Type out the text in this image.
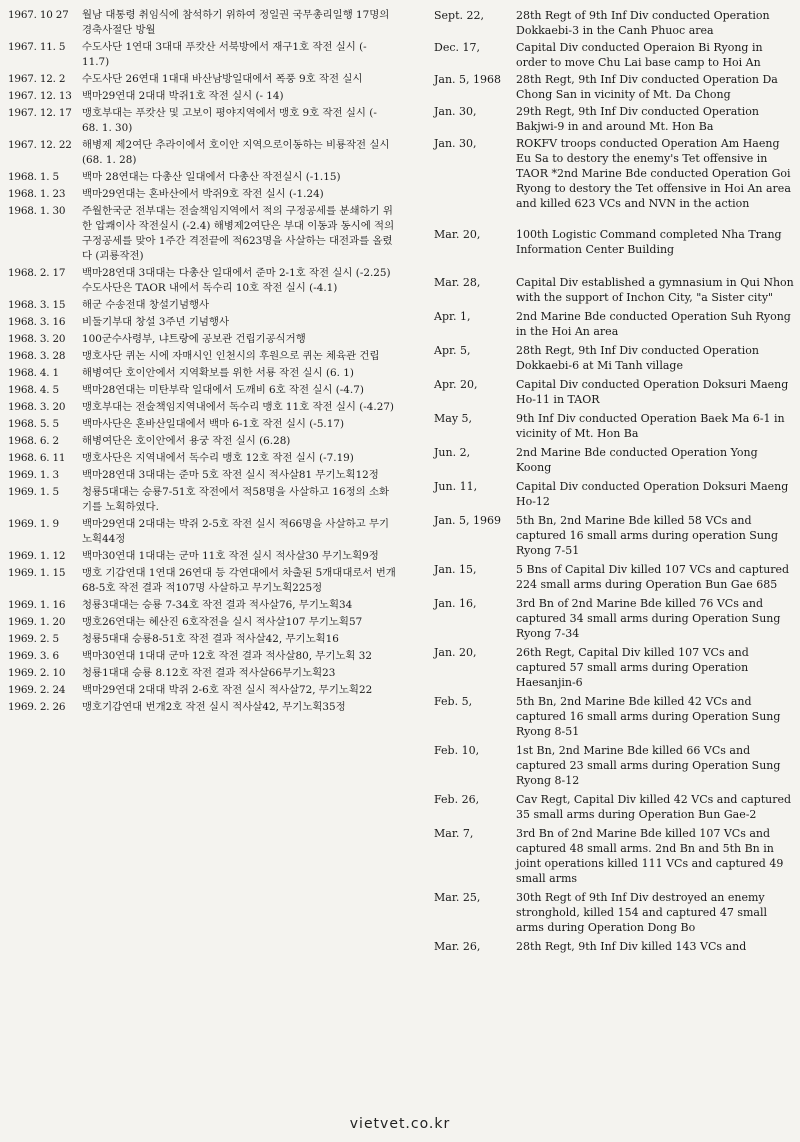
1967. 10 27	월남 대통령 취임식에 참석하기 위하여 정일권 국무총리일행 17명의 경축사절단 방월
1967. 11. 5	수도사단 1연대 3대대 푸캇산 서북방에서 재구1호 작전 실시 (- 11.7)
1967. 12. 2	수도사단 26연대 1대대 바산남방일대에서 폭풍 9호 작전 실시
1967. 12. 13 백마29연대 2대대 박쥐1호 작전 실시 (- 14)
1967. 12. 17 맹호부대는 푸캇산 및 고보이 평야지역에서 맹호 9호 작전 실시 (- 68. 1. 30)
1967. 12. 22 해병제 제2여단 추라이에서 호이안 지역으로이동하는 비룡작전 실시 (68. 1. 28)
1968. 1. 5	백마 28연대는 다총산 일대에서 다총산 작전실시 (-1.15)
1968. 1. 23	백마29연대는 혼바산에서 박쥐9호 작전 실시 (-1.24)
1968. 1. 30	주월한국군 전부대는 전술책임지역에서 적의 구정공세를 분쇄하기 위한 압쾌이사 작전실시 (-2.4) 해병제2여단은 부대 이동과 동시에 적의 구정공세를 맞아 1주간 격전끝에 적623명을 사살하는 대전과를 올렸다 (괴룡작전)
1968. 2. 17	백마28연대 3대대는 다총산 일대에서 준마 2-1호 작전 실시 (-2.25) 수도사단은 TAOR 내에서 독수리 10호 작전 실시 (-4.1)
1968. 3. 15	해군 수송전대 창설기념행사
1968. 3. 16	비둘기부대 창설 3주년 기념행사
1968. 3. 20	100군수사령부, 냐트랑에 공보관 건립기공식거행
1968. 3. 28	맹호사단 퀴논 시에 자매시인 인천시의 후원으로 퀴논 체육관 건립
1968. 4. 1	해병여단 호이안에서 지역확보를 위한 서룡 작전 실시 (6. 1)
1968. 4. 5	백마28연대는 미탄부락 일대에서 도깨비 6호 작전 실시 (-4.7)
1968. 3. 20	맹호부대는 전술책임지역내에서 독수리 맹호 11호 작전 실시 (-4.27)
1968. 5. 5	백마사단은 혼바산일대에서 백마 6-1호 작전 실시 (-5.17)
1968. 6. 2	해병여단은 호이안에서 용궁 작전 실시 (6.28)
1968. 6. 11	맹호사단은 지역내에서 독수리 맹호 12호 작전 실시 (-7.19)
1969. 1. 3	백마28연대 3대대는 준마 5호 작전 실시 적사살81 무기노획12정
1969. 1. 5	청룡5대대는 승룡7-51호 작전에서 적58명을 사살하고 16정의 소화기를 노획하였다.
1969. 1. 9	백마29연대 2대대는 박쥐 2-5호 작전 실시 적66명을 사살하고 무기노획44정
1969. 1. 12	백마30연대 1대대는 군마 11호 작전 실시 적사살30 무기노획9정
1969. 1. 15	맹호 기갑연대 1연대 26연대 등 각연대에서 차출된 5개대대로서 번개 68-5호 작전 결과 적107명 사살하고 무기노획225정
1969. 1. 16	청룡3대대는 승룡 7-34호 작전 결과 적사살76, 무기노획34
1969. 1. 20	맹호26연대는 혜산진 6호작전을 실시 적사살107 무기노획57
1969. 2. 5	청룡5대대 승룡8-51호 작전 결과 적사살42, 무기노획16
1969. 3. 6	백마30연대 1대대 군마 12호 작전 결과 적사살80, 무기노획 32
1969. 2. 10	청룡1대대 승룡 8.12호 작전 결과 적사살66무기노획23
1969. 2. 24	백마29연대 2대대 박쥐 2-6호 작전 실시 적사살72, 무기노획22
1969. 2. 26	맹호기갑연대 번개2호 작전 실시 적사살42, 무기노획35정
Sept. 22,	28th Regt of 9th Inf Div conducted Operation Dokkaebi-3 in the Canh Phuoc area
Dec. 17,	Capital Div conducted Operaion Bi Ryong in order to move Chu Lai base camp to Hoi An
Jan. 5, 1968	28th Regt, 9th Inf Div conducted Operation Da Chong San in vicinity of Mt. Da Chong
Jan. 30,	29th Regt, 9th Inf Div conducted Operation Bakjwi-9 in and around Mt. Hon Ba
Jan. 30,	ROKFV troops conducted Operation Am Haeng Eu Sa to destory the enemy's Tet offensive in TAOR *2nd Marine Bde conducted Operation Goi Ryong to destory the Tet offensive in Hoi An area and killed 623 VCs and NVN in the action
Mar. 20,	100th Logistic Command completed Nha Trang Information Center Building
Mar. 28,	Capital Div established a gymnasium in Qui Nhon with the support of Inchon City, "a Sister city"
Apr. 1,	2nd Marine Bde conducted Operation Suh Ryong in the Hoi An area
Apr. 5,	28th Regt, 9th Inf Div conducted Operation Dokkaebi-6 at Mi Tanh village
Apr. 20,	Capital Div conducted Operation Doksuri Maeng Ho-11 in TAOR
May 5,	9th Inf Div conducted Operation Baek Ma 6-1 in vicinity of Mt. Hon Ba
Jun. 2,	2nd Marine Bde conducted Operation Yong Koong
Jun. 11,	Capital Div conducted Operation Doksuri Maeng Ho-12
Jan. 5, 1969	5th Bn, 2nd Marine Bde killed 58 VCs and captured 16 small arms during operation Sung Ryong 7-51
Jan. 15,	5 Bns of Capital Div killed 107 VCs and captured 224 small arms during Operation Bun Gae 685
Jan. 16,	3rd Bn of 2nd Marine Bde killed 76 VCs and captured 34 small arms during Operation Sung Ryong 7-34
Jan. 20,	26th Regt, Capital Div killed 107 VCs and captured 57 small arms during Operation Haesanjin-6
Feb. 5,	5th Bn, 2nd Marine Bde killed 42 VCs and captured 16 small arms during Operation Sung Ryong 8-51
Feb. 10,	1st Bn, 2nd Marine Bde killed 66 VCs and captured 23 small arms during Operation Sung Ryong 8-12
Feb. 26,	Cav Regt, Capital Div killed 42 VCs and captured 35 small arms during Operation Bun Gae-2
Mar. 7,	3rd Bn of 2nd Marine Bde killed 107 VCs and captured 48 small arms. 2nd Bn and 5th Bn in joint operations killed 111 VCs and captured 49 small arms
Mar. 25,	30th Regt of 9th Inf Div destroyed an enemy stronghold, killed 154 and captured 47 small arms during Operation Dong Bo
Mar. 26,	28th Regt, 9th Inf Div killed 143 VCs and
vietvet.co.kr
